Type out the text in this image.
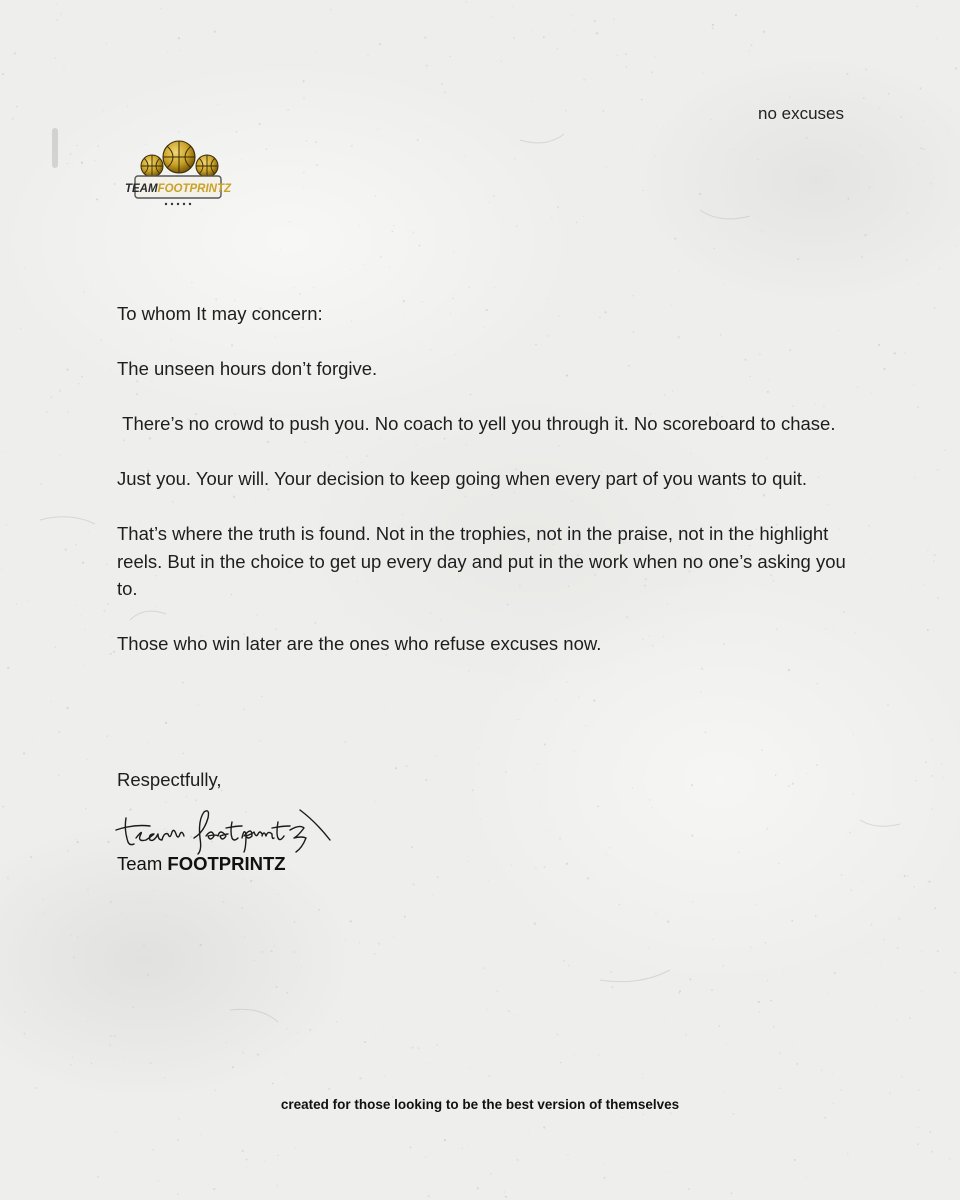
no excuses

TEAMFOOTPRINTZ

To whom It may concern:

The unseen hours don’t forgive.

There’s no crowd to push you. No coach to yell you through it. No scoreboard to chase.

Just you. Your will. Your decision to keep going when every part of you wants to quit.

That’s where the truth is found. Not in the trophies, not in the praise, not in the highlight reels. But in the choice to get up every day and put in the work when no one’s asking you to.

Those who win later are the ones who refuse excuses now.

Respectfully,

Team FOOTPRINTZ

created for those looking to be the best version of themselves
